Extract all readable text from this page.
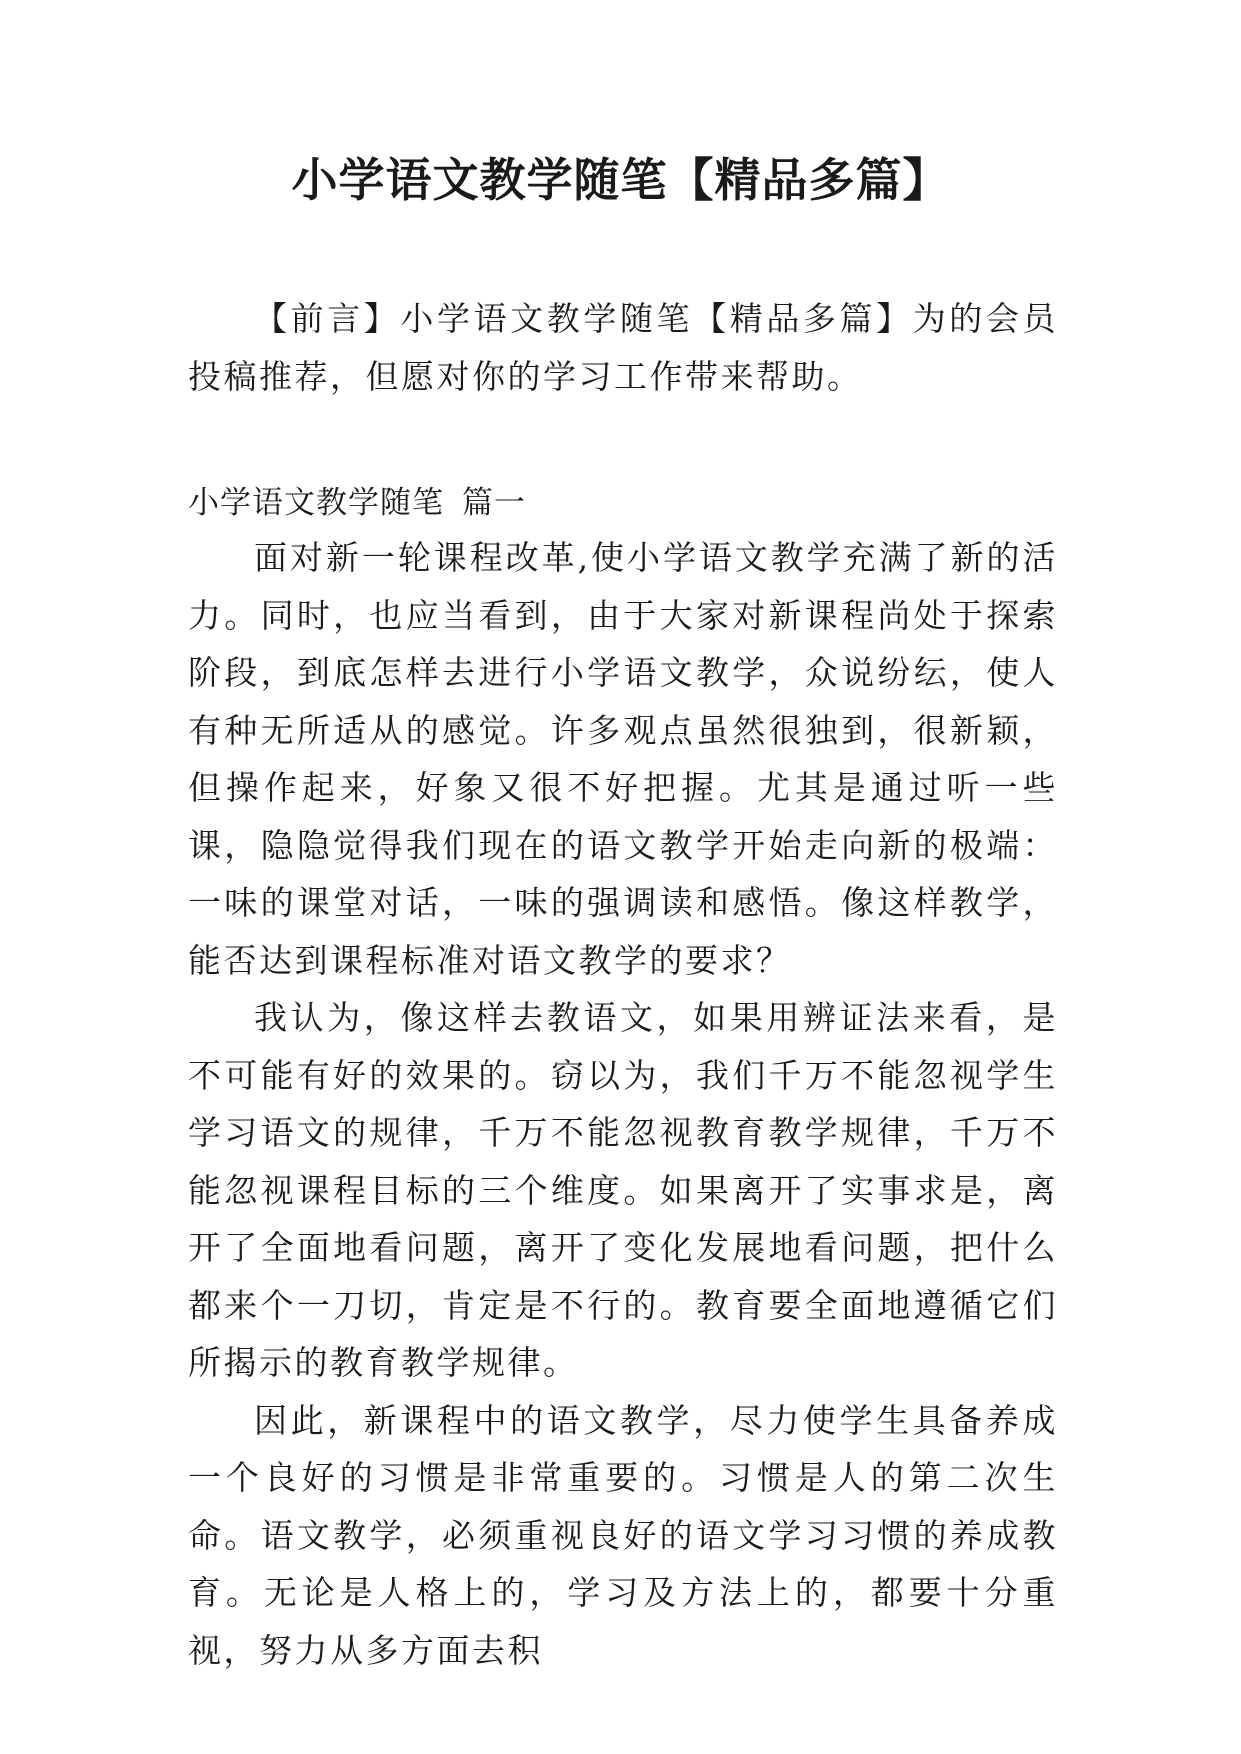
小学语文教学随笔【精品多篇】

【前言】小学语文教学随笔【精品多篇】为的会员投稿推荐，但愿对你的学习工作带来帮助。

小学语文教学随笔 篇一

面对新一轮课程改革,使小学语文教学充满了新的活力。同时，也应当看到，由于大家对新课程尚处于探索阶段，到底怎样去进行小学语文教学，众说纷纭，使人有种无所适从的感觉。许多观点虽然很独到，很新颖，但操作起来，好象又很不好把握。尤其是通过听一些课，隐隐觉得我们现在的语文教学开始走向新的极端：一味的课堂对话，一味的强调读和感悟。像这样教学，能否达到课程标准对语文教学的要求？

我认为，像这样去教语文，如果用辨证法来看，是不可能有好的效果的。窃以为，我们千万不能忽视学生学习语文的规律，千万不能忽视教育教学规律，千万不能忽视课程目标的三个维度。如果离开了实事求是，离开了全面地看问题，离开了变化发展地看问题，把什么都来个一刀切，肯定是不行的。教育要全面地遵循它们所揭示的教育教学规律。

因此，新课程中的语文教学，尽力使学生具备养成一个良好的习惯是非常重要的。习惯是人的第二次生命。语文教学，必须重视良好的语文学习习惯的养成教育。无论是人格上的，学习及方法上的，都要十分重视，努力从多方面去积
